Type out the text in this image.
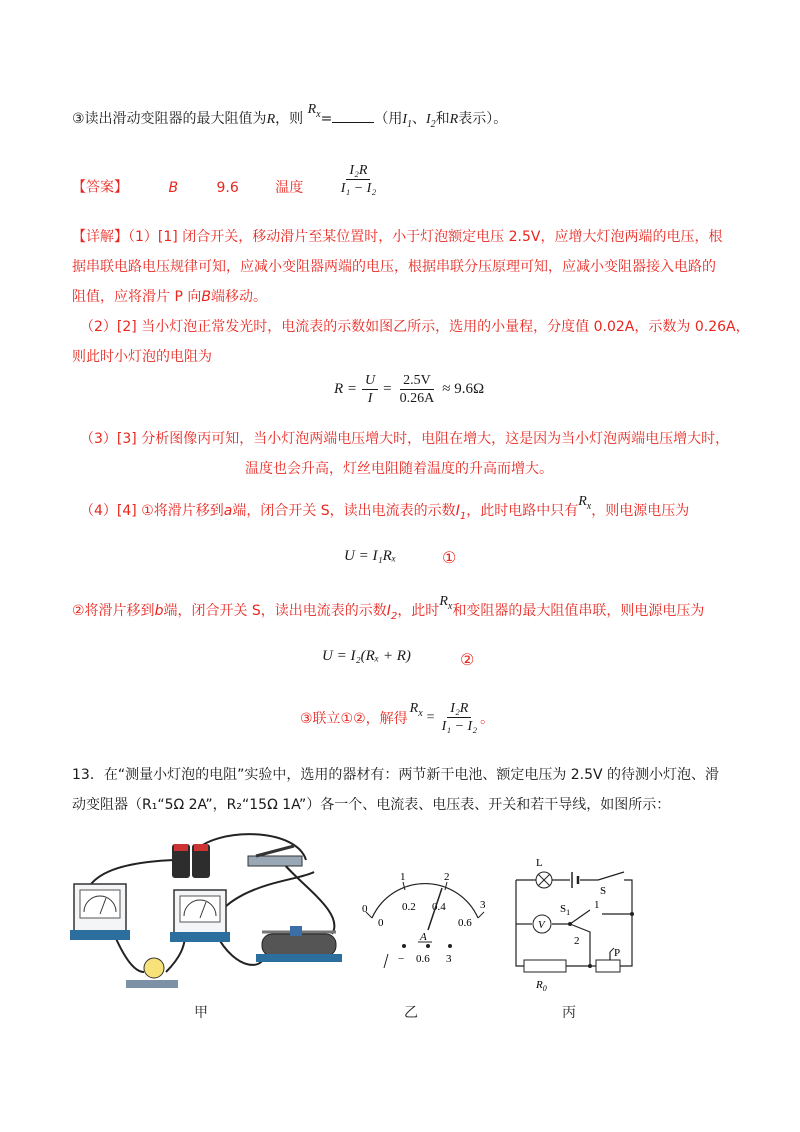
③读出滑动变阻器的最大阻值为R，则 $R_x=$	（用$I_1$、$I_2$和R表示）。
【答案】	B	9.6	温度 $\frac{\text{I₂R}}{\text{I₁ − I₂}}$
【详解】（1）[1] 闭合开关，移动滑片至某位置时，小于灯泡额定电压 2.5V，应增大灯泡两端的电压，根
据串联电路电压规律可知，应减小变阻器两端的电压，根据串联分压原理可知，应减小变阻器接入电路的
阻值，应将滑片 P 向B端移动。
（2）[2] 当小灯泡正常发光时，电流表的示数如图乙所示，选用的小量程，分度值 0.02A，示数为 0.26A，
则此时小灯泡的电阻为
$R = \frac{U}{I} = \frac{2.5V}{0.26A} \approx 9.6\Omega$
（3）[3] 分析图像丙可知，当小灯泡两端电压增大时，电阻在增大，这是因为当小灯泡两端电压增大时，
温度也会升高，灯丝电阻随着温度的升高而增大。
（4）[4] ①将滑片移到a端，闭合开关 S，读出电流表的示数$I_1$，此时电路中只有$R_x$，则电源电压为
U = I₁Rₓ	①
②将滑片移到b端，闭合开关 S，读出电流表的示数$I_2$，此时$R_x$和变阻器的最大阻值串联，则电源电压为
U = I₂(Rₓ + R)	②
③联立①②，解得
$R_x = \frac{\text{I₂R}}{\text{I₁ − I₂}}$ 。
13．在“测量小灯泡的电阻”实验中，选用的器材有：两节新干电池、额定电压为 2.5V 的待测小灯泡、滑
动变阻器（R₁“5Ω 2A”，R₂“15Ω 1A”）各一个、电流表、电压表、开关和若干导线，如图所示：
甲
0
1	2
3
0
0.2 0.4
0.6
A
− 0.6 3
乙
V
L
S
$S_1$
1
2
$R_0$
P
丙
